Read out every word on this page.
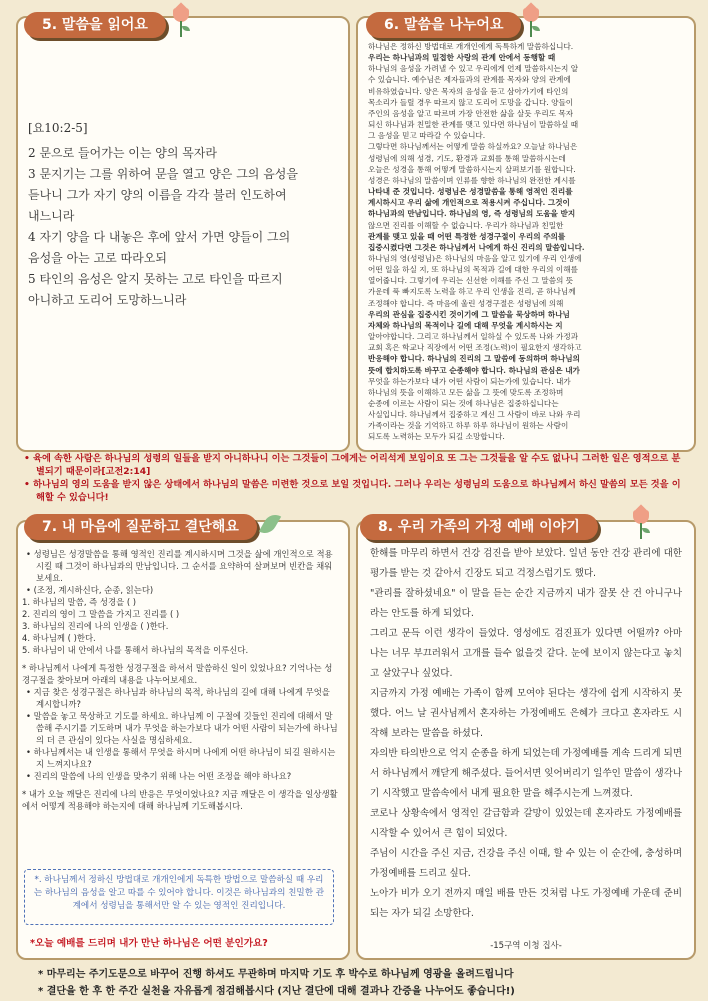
5. 말씀을 읽어요
[요10:2-5]
2 문으로 들어가는 이는 양의 목자라
3 문지기는 그를 위하여 문을 열고 양은 그의 음성을
듣나니 그가 자기 양의 이름을 각각 불러 인도하여
내느니라
4 자기 양을 다 내놓은 후에 앞서 가면 양들이 그의
음성을 아는 고로 따라오되
5 타인의 음성은 알지 못하는 고로 타인을 따르지
아니하고 도리어 도망하느니라
6. 말씀을 나누어요
하나님은 정하신 방법대로 개개인에게 독특하게 말씀하십니다.
우리는 하나님과의 밀접한 사랑의 관계 안에서 동행할 때
하나님의 음성을 가려낼 수 있고 우리에게 언제 말씀하시는지 알
수 있습니다. 예수님은 제자들과의 관계를 목자와 양의 관계에
비유하였습니다. 양은 목자의 음성을 듣고 삼아가기에 타인의
목소리가 들릴 경우 따르지 않고 도리어 도망을 갑니다. 양들이
주인의 음성을 알고 따르며 가장 안전한 삶을 살듯 우리도 목자
되신 하나님과 친밀한 관계를 맺고 있다면 하나님이 말씀하실 때
그 음성을 믿고 따라갈 수 있습니다.
그렇다면 하나님께서는 어떻게 말씀 하실까요? 오늘날 하나님은
성령님에 의해 성경, 기도, 환경과 교회를 통해 말씀하시는데
오늘은 성경을 통해 어떻게 말씀하시는지 살펴보기를 원합니다.
성경은 하나님의 말씀이며 인류를 향한 하나님의 완전한 계시를
나타내 준 것입니다. 성령님은 성경말씀을 통해 영적인 진리를
계시하시고 우리 삶에 개인적으로 적용시켜 주십니다. 그것이
하나님과의 만남입니다. 하나님의 영, 즉 성령님의 도움을 받지
않으면 진리를 이해할 수 없습니다. 우리가 하나님과 친밀한
관계를 맺고 있을 때 어떤 특정한 성경구절이 우리의 주의를
집중시켰다면 그것은 하나님께서 나에게 하신 진리의 말씀입니다.
하나님의 영(성령님)은 하나님의 마음을 알고 있기에 우리 인생에
어떤 일을 하실 지, 또 하나님의 목적과 길에 대한 우리의 이해를
열어줍니다. 그렇기에 우리는 신선한 이해를 주신 그 말씀의 뜻
가운데 푹 빠지도록 노력을 하고 우리 인생을 진리, 곧 하나님께
조정해야 합니다. 즉 마음에 울린 성경구절은 성령님에 의해
우리의 관심을 집중시킨 것이기에 그 말씀을 묵상하며 하나님
자체와 하나님의 목적이나 길에 대해 무엇을 계시하시는 지
알아야합니다. 그리고 하나님께서 일하실 수 있도록 나와 가정과
교회 혹은 학교나 직장에서 어떤 조정(노력)이 필요한지 생각하고
반응해야 합니다. 하나님의 진리의 그 말씀에 동의하며 하나님의
뜻에 합치하도록 바꾸고 순종해야 합니다. 하나님의 관심은 내가
무엇을 하는가보다 내가 어떤 사람이 되는가에 있습니다. 내가
하나님의 뜻을 이해하고 모든 삶을 그 뜻에 맞도록 조정하며
순종에 이르는 사람이 되는 것에 하나님은 집중하십니다는
사실입니다. 하나님께서 집중하고 계신 그 사람이 바로 나와 우리
가족이라는 것을 기억하고 하루 하루 하나님이 원하는 사람이
되도록 노력하는 모두가 되길 소망합니다.
• 육에 속한 사람은 하나님의 성령의 일들을 받지 아니하나니 이는 그것들이 그에게는 어리석게 보임이요 또 그는 그것들을 알 수도 없나니 그러한 일은 영적으로 분별되기 때문이라[고전2:14]
• 하나님의 영의 도움을 받지 않은 상태에서 하나님의 말씀은 미련한 것으로 보일 것입니다. 그러나 우리는 성령님의 도움으로 하나님께서 하신 말씀의 모든 것을 이해할 수 있습니다!
7. 내 마음에 질문하고 결단해요
• 성령님은 성경말씀을 통해 영적인 진리를 계시하시며 그것을 삶에 개인적으로 적용시킬 때 그것이 하나님과의 만남입니다. 그 순서를 요약하여 살펴보며 빈칸을 채워보세요.
• (조정, 계시하신다, 순종, 읽는다)
1. 하나님의 말씀, 즉 성경을 ( )
2. 진리의 영이 그 말씀을 가지고 진리를 ( )
3. 하나님의 진리에 나의 인생을 ( )한다.
4. 하나님께 ( )한다.
5. 하나님이 내 안에서 나를 통해서 하나님의 목적을 이루신다.
* 하나님께서 나에게 특정한 성경구절을 하셔서 말씀하신 일이 있었나요? 기억나는 성경구절을 찾아보며 아래의 내용을 나누어보세요.
• 지금 찾은 성경구절은 하나님과 하나님의 목적, 하나님의 길에 대해 나에게 무엇을 계시합니까?
• 말씀을 놓고 묵상하고 기도를 하세요. 하나님께 이 구절에 깃들인 진리에 대해서 말씀해 주시기를 기도하며 내가 무엇을 하는가보다 내가 어떤 사람이 되는가에 하나님의 더 큰 관심이 있다는 사실을 명심하세요.
• 하나님께서는 내 인생을 통해서 무엇을 하시며 나에게 어떤 하나님이 되길 원하시는지 느껴지나요?
• 진리의 말씀에 나의 인생을 맞추기 위해 나는 어떤 조정을 해야 하나요?
* 내가 오늘 깨달은 진리에 나의 반응은 무엇이었나요? 지금 깨달은 이 생각을 일상생활에서 어떻게 적용해야 하는지에 대해 하나님께 기도해봅시다.
*. 하나님께서 정하신 방법대로 개개인에게 독특한 방법으로 말씀하실 때 우리는 하나님의 음성을 알고 따를 수 있어야 합니다. 이것은 하나님과의 친밀한 관계에서 성령님을 통해서만 알 수 있는 영적인 진리입니다.
*오늘 예배를 드리며 내가 만난 하나님은 어떤 분인가요?
8. 우리 가족의 가정 예배 이야기
한해를 마무리 하면서 건강 검진을 받아 보았다. 일년 동안 건강 관리에 대한 평가를 받는 것 같아서 긴장도 되고 걱정스럽기도 했다.
"관리를 잘하셨네요" 이 말을 듣는 순간 지금까지 내가 잘못 산 건 아니구나 라는 안도를 하게 되었다.
그리고 문득 이런 생각이 들었다. 영성에도 검진표가 있다면 어떨까? 아마 나는 너무 부끄러워서 고개를 들수 없을것 같다. 눈에 보이지 않는다고 놓치고 살았구나 싶었다.
지금까지 가정 예배는 가족이 함께 모여야 된다는 생각에 쉽게 시작하지 못했다. 어느 날 권사님께서 혼자하는 가정예배도 은혜가 크다고 혼자라도 시작해 보라는 말씀을 하셨다.
자의반 타의반으로 억지 순종을 하게 되었는데 가정예배를 계속 드리게 되면서 하나님께서 깨닫게 해주셨다. 들어서면 잊어버리기 일쑤인 말씀이 생각나기 시작했고 말씀속에서 내게 필요한 말을 해주시는게 느껴졌다.
코로나 상황속에서 영적인 갈급함과 갈망이 있었는데 혼자라도 가정예배를 시작할 수 있어서 큰 힘이 되었다.
주님이 시간을 주신 지금, 건강을 주신 이때, 할 수 있는 이 순간에, 충성하며 가정예배를 드리고 싶다.
노아가 비가 오기 전까지 매일 배를 만든 것처럼 나도 가정예배 가운데 준비 되는 자가 되길 소망한다.
-15구역 이청 집사-
* 마무리는 주기도문으로 바꾸어 진행 하셔도 무관하며 마지막 기도 후 박수로 하나님께 영광을 올려드립니다
* 결단을 한 후 한 주간 실천을 자유롭게 점검해봅시다 (지난 결단에 대해 결과나 간증을 나누어도 좋습니다!)
